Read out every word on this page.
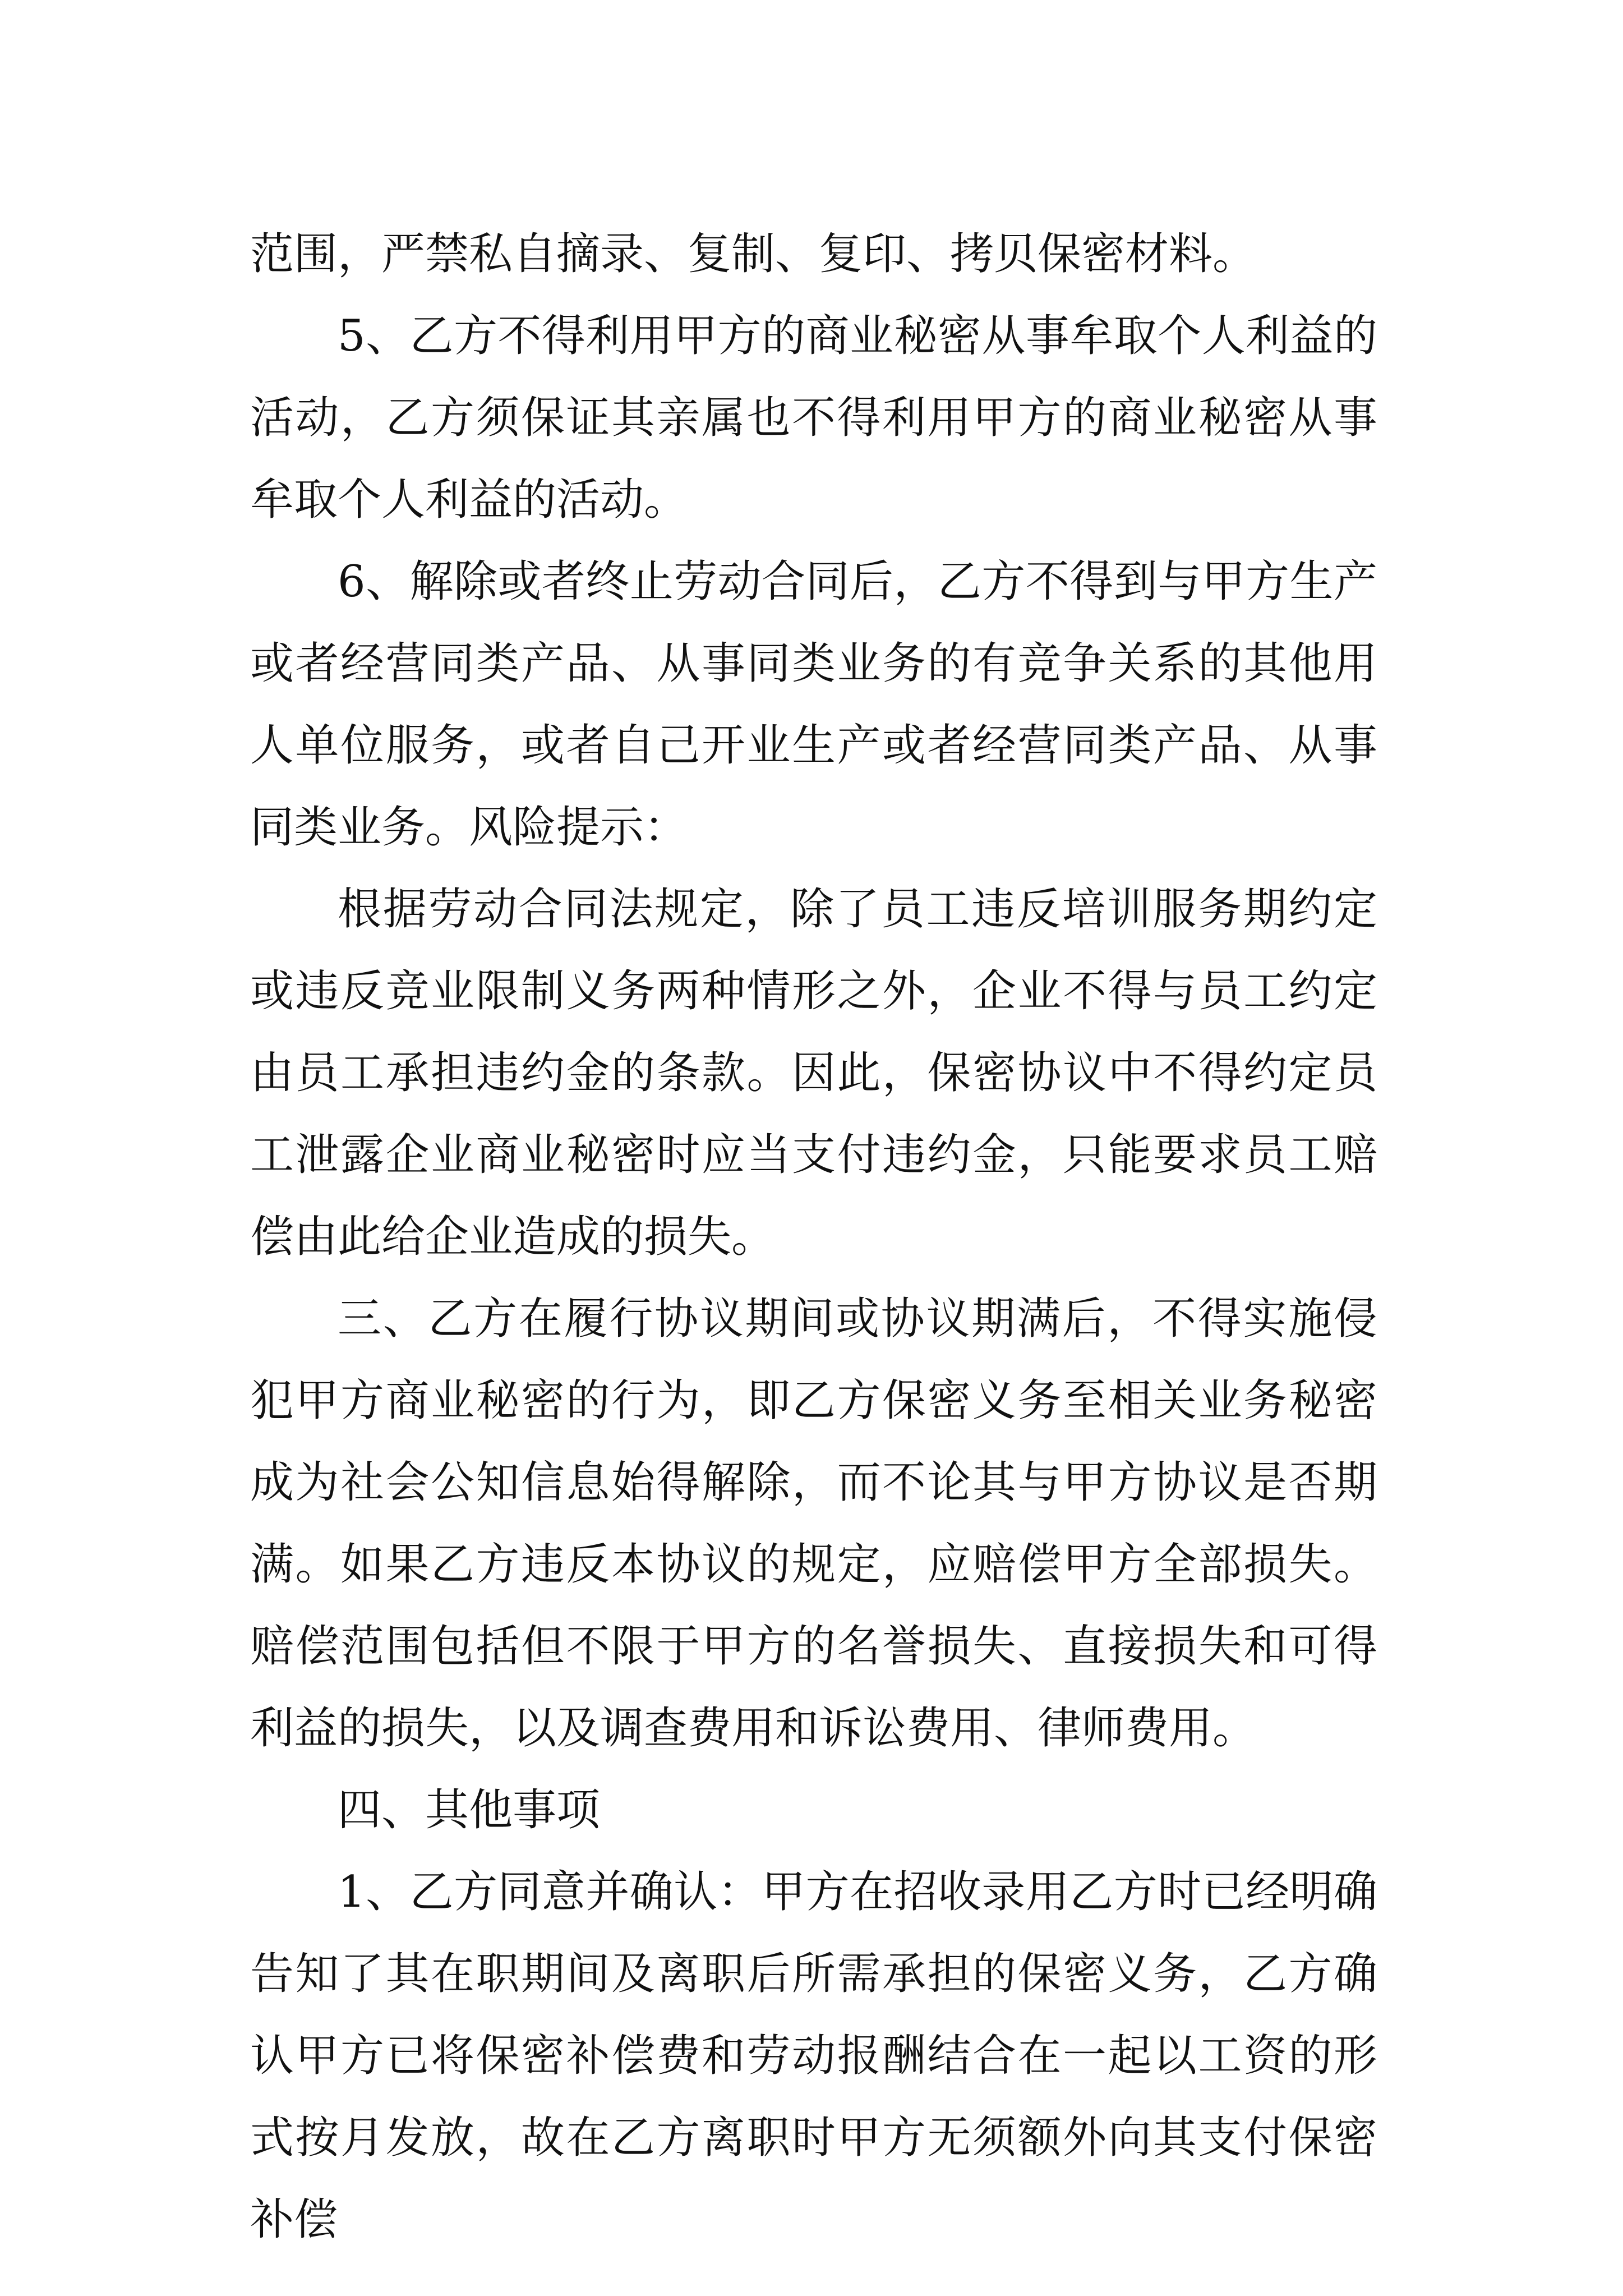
范围，严禁私自摘录、复制、复印、拷贝保密材料。

5、乙方不得利用甲方的商业秘密从事牟取个人利益的活动，乙方须保证其亲属也不得利用甲方的商业秘密从事牟取个人利益的活动。

6、解除或者终止劳动合同后，乙方不得到与甲方生产或者经营同类产品、从事同类业务的有竞争关系的其他用人单位服务，或者自己开业生产或者经营同类产品、从事同类业务。风险提示：

根据劳动合同法规定，除了员工违反培训服务期约定或违反竞业限制义务两种情形之外，企业不得与员工约定由员工承担违约金的条款。因此，保密协议中不得约定员工泄露企业商业秘密时应当支付违约金，只能要求员工赔偿由此给企业造成的损失。

三、乙方在履行协议期间或协议期满后，不得实施侵犯甲方商业秘密的行为，即乙方保密义务至相关业务秘密成为社会公知信息始得解除，而不论其与甲方协议是否期满。如果乙方违反本协议的规定，应赔偿甲方全部损失。赔偿范围包括但不限于甲方的名誉损失、直接损失和可得利益的损失，以及调查费用和诉讼费用、律师费用。

四、其他事项

1、乙方同意并确认：甲方在招收录用乙方时已经明确告知了其在职期间及离职后所需承担的保密义务，乙方确认甲方已将保密补偿费和劳动报酬结合在一起以工资的形式按月发放，故在乙方离职时甲方无须额外向其支付保密补偿
